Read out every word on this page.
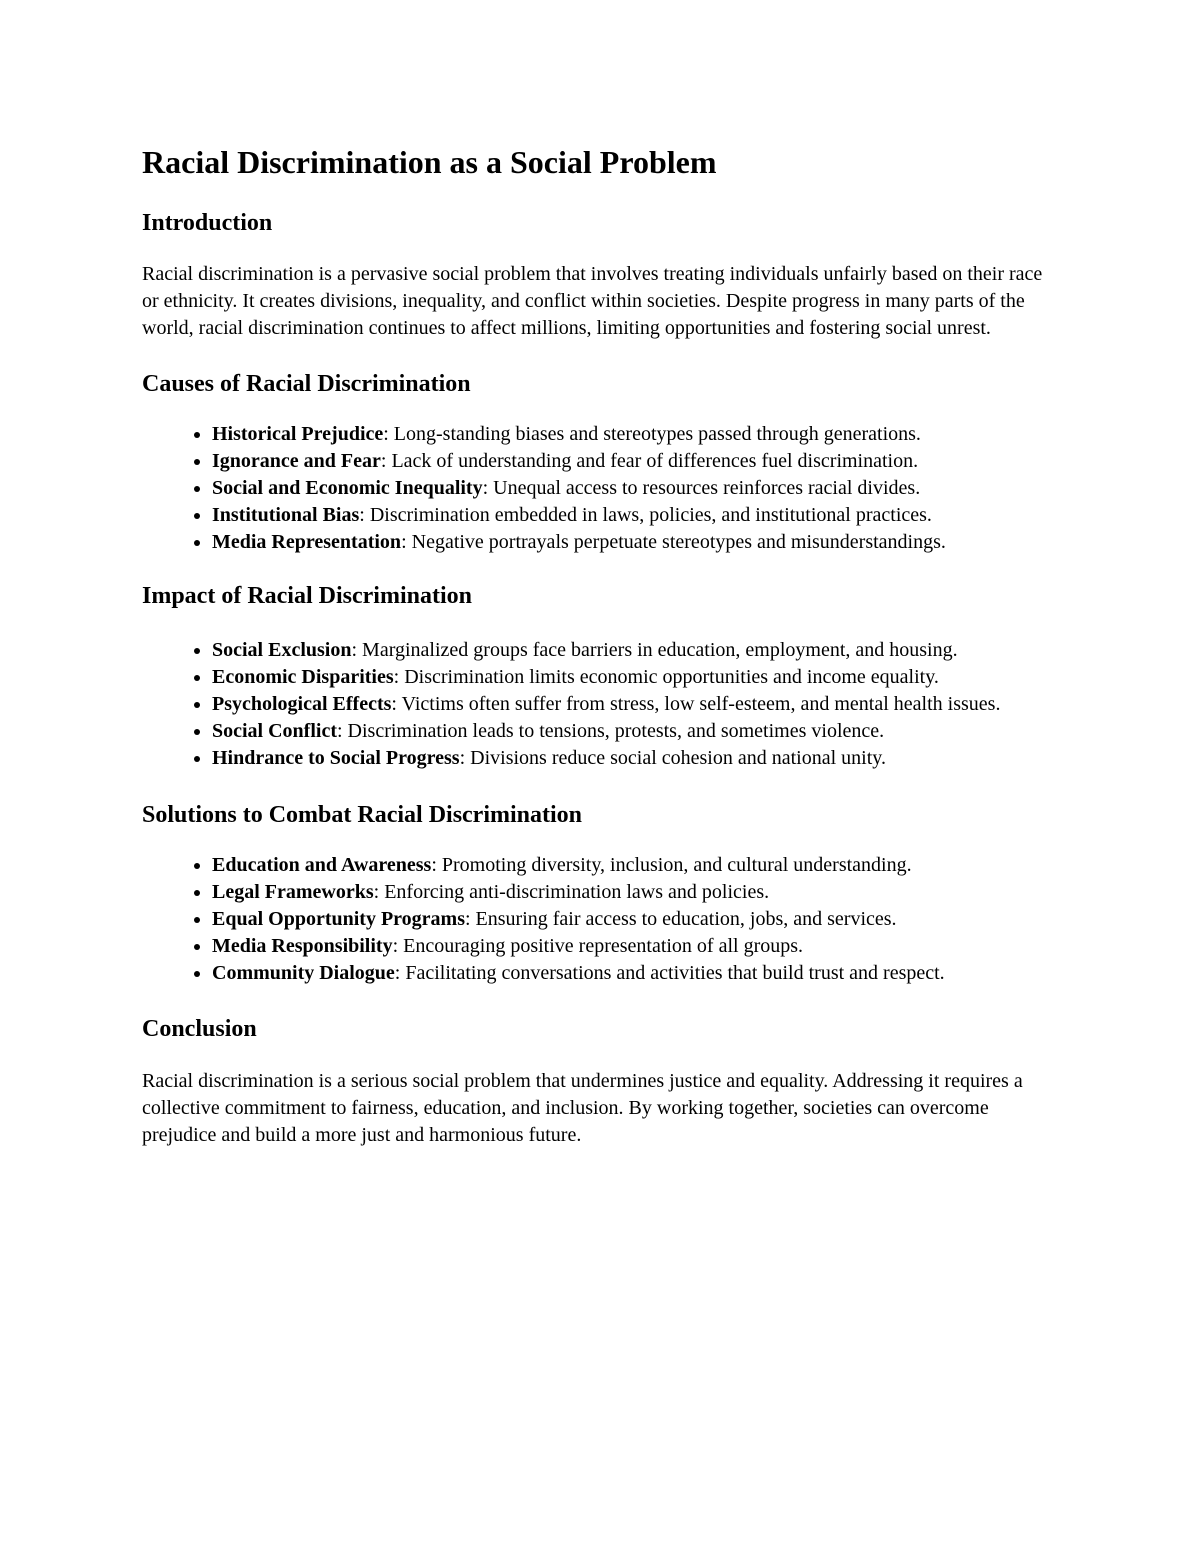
Racial Discrimination as a Social Problem
Introduction

Racial discrimination is a pervasive social problem that involves treating individuals unfairly based on their race or ethnicity. It creates divisions, inequality, and conflict within societies. Despite progress in many parts of the world, racial discrimination continues to affect millions, limiting opportunities and fostering social unrest.

Causes of Racial Discrimination
• Historical Prejudice: Long-standing biases and stereotypes passed through generations.
• Ignorance and Fear: Lack of understanding and fear of differences fuel discrimination.
• Social and Economic Inequality: Unequal access to resources reinforces racial divides.
• Institutional Bias: Discrimination embedded in laws, policies, and institutional practices.
• Media Representation: Negative portrayals perpetuate stereotypes and misunderstandings.
Impact of Racial Discrimination
• Social Exclusion: Marginalized groups face barriers in education, employment, and housing.
• Economic Disparities: Discrimination limits economic opportunities and income equality.
• Psychological Effects: Victims often suffer from stress, low self-esteem, and mental health issues.
• Social Conflict: Discrimination leads to tensions, protests, and sometimes violence.
• Hindrance to Social Progress: Divisions reduce social cohesion and national unity.
Solutions to Combat Racial Discrimination
• Education and Awareness: Promoting diversity, inclusion, and cultural understanding.
• Legal Frameworks: Enforcing anti-discrimination laws and policies.
• Equal Opportunity Programs: Ensuring fair access to education, jobs, and services.
• Media Responsibility: Encouraging positive representation of all groups.
• Community Dialogue: Facilitating conversations and activities that build trust and respect.
Conclusion

Racial discrimination is a serious social problem that undermines justice and equality. Addressing it requires a collective commitment to fairness, education, and inclusion. By working together, societies can overcome prejudice and build a more just and harmonious future.
